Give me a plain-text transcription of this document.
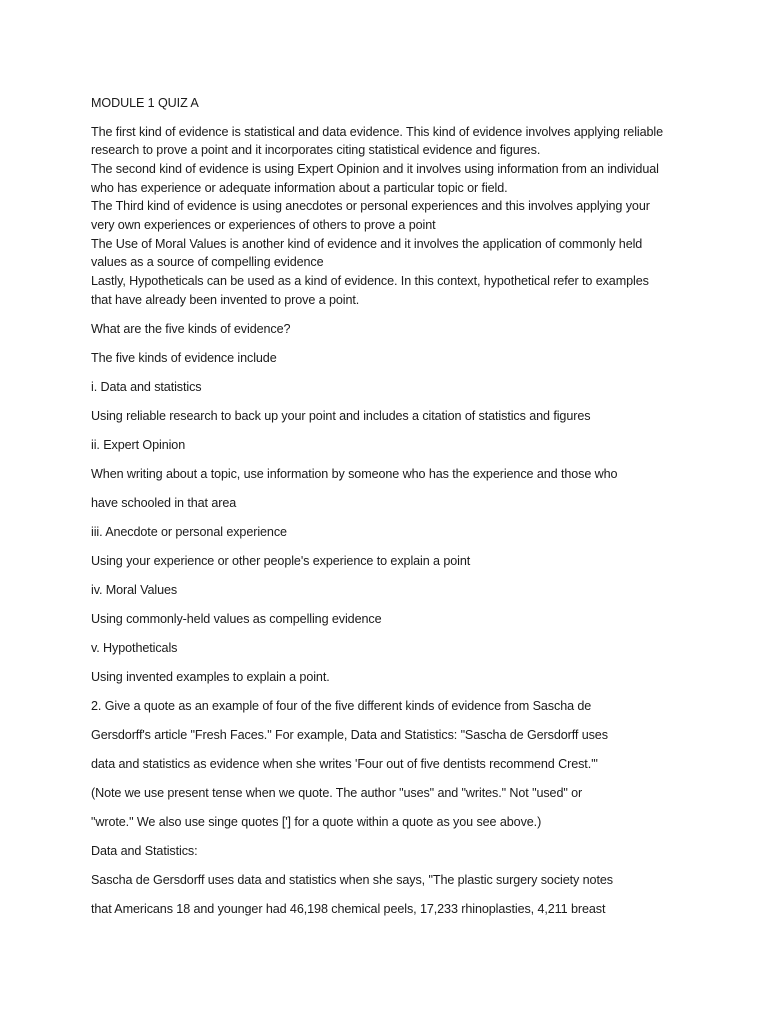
MODULE 1 QUIZ A
The first kind of evidence is statistical and data evidence. This kind of evidence involves applying reliable
research to prove a point and it incorporates citing statistical evidence and figures.
The second kind of evidence is using Expert Opinion and it involves using information from an individual
who has experience or adequate information about a particular topic or field.
The Third kind of evidence is using anecdotes or personal experiences and this involves applying your
very own experiences or experiences of others to prove a point
The Use of Moral Values is another kind of evidence and it involves the application of commonly held
values as a source of compelling evidence
Lastly, Hypotheticals can be used as a kind of evidence. In this context, hypothetical refer to examples
that have already been invented to prove a point.
What are the five kinds of evidence?
The five kinds of evidence include
i. Data and statistics
Using reliable research to back up your point and includes a citation of statistics and figures
ii. Expert Opinion
When writing about a topic, use information by someone who has the experience and those who
have schooled in that area
iii. Anecdote or personal experience
Using your experience or other people's experience to explain a point
iv. Moral Values
Using commonly-held values as compelling evidence
v. Hypotheticals
Using invented examples to explain a point.
2. Give a quote as an example of four of the five different kinds of evidence from Sascha de
Gersdorff's article "Fresh Faces." For example, Data and Statistics: "Sascha de Gersdorff uses
data and statistics as evidence when she writes 'Four out of five dentists recommend Crest.'"
(Note we use present tense when we quote. The author "uses" and "writes." Not "used" or
"wrote." We also use singe quotes ['] for a quote within a quote as you see above.)
Data and Statistics:
Sascha de Gersdorff uses data and statistics when she says, "The plastic surgery society notes
that Americans 18 and younger had 46,198 chemical peels, 17,233 rhinoplasties, 4,211 breast
